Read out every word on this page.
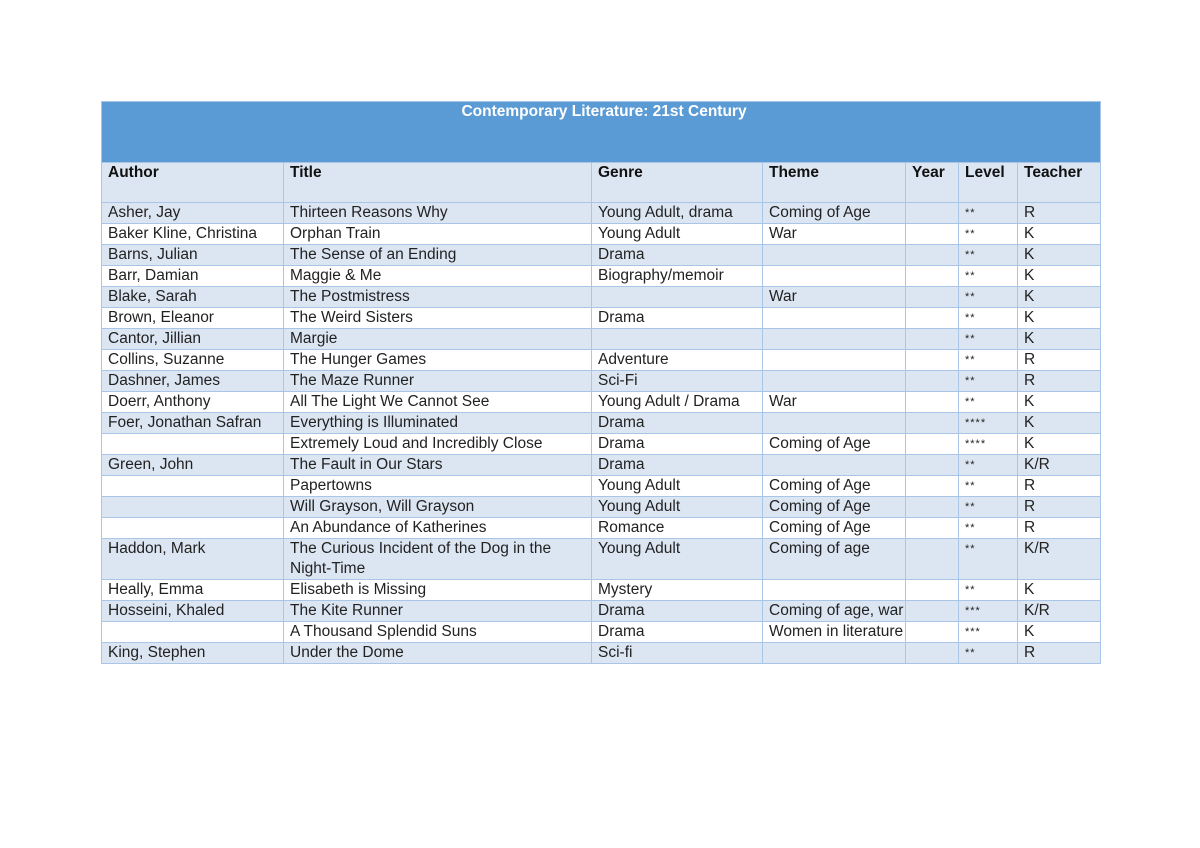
Contemporary Literature: 21st Century						
Author	Title	Genre	Theme	Year	Level	Teacher
Asher, Jay	Thirteen Reasons Why	Young Adult, drama	Coming of Age		**	R
Baker Kline, Christina	Orphan Train	Young Adult	War		**	K
Barns, Julian	The Sense of an Ending	Drama			**	K
Barr, Damian	Maggie & Me	Biography/memoir			**	K
Blake, Sarah	The Postmistress		War		**	K
Brown, Eleanor	The Weird Sisters	Drama			**	K
Cantor, Jillian	Margie				**	K
Collins, Suzanne	The Hunger Games	Adventure			**	R
Dashner, James	The Maze Runner	Sci-Fi			**	R
Doerr, Anthony	All The Light We Cannot See	Young Adult / Drama	War		**	K
Foer, Jonathan Safran	Everything is Illuminated	Drama			****	K
	Extremely Loud and Incredibly Close	Drama	Coming of Age		****	K
Green, John	The Fault in Our Stars	Drama			**	K/R
	Papertowns	Young Adult	Coming of Age		**	R
	Will Grayson, Will Grayson	Young Adult	Coming of Age		**	R
	An Abundance of Katherines	Romance	Coming of Age		**	R
Haddon, Mark	The Curious Incident of the Dog in the Night-Time	Young Adult	Coming of age		**	K/R
Heally, Emma	Elisabeth is Missing	Mystery			**	K
Hosseini, Khaled	The Kite Runner	Drama	Coming of age, war		***	K/R
	A Thousand Splendid Suns	Drama	Women in literature		***	K
King, Stephen	Under the Dome	Sci-fi			**	R
